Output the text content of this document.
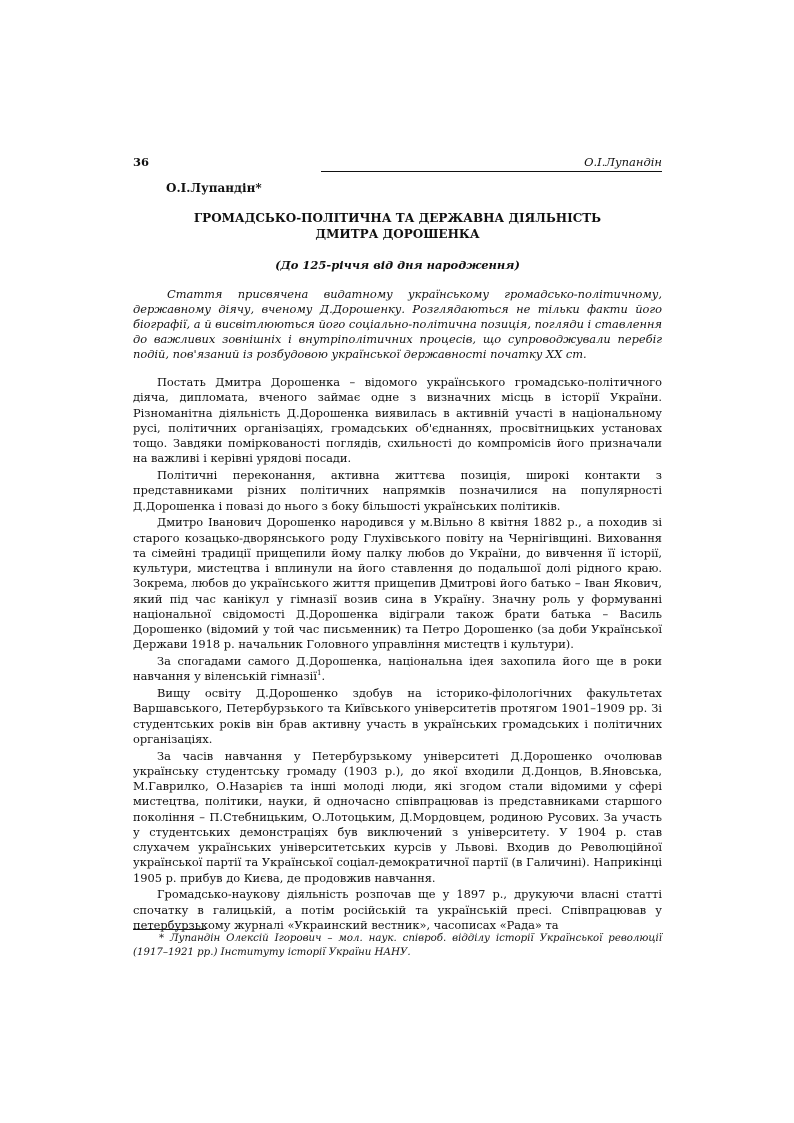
36	О.І.Лупандін
О.І.Лупандін*
ГРОМАДСЬКО-ПОЛІТИЧНА ТА ДЕРЖАВНА ДІЯЛЬНІСТЬ
ДМИТРА ДОРОШЕНКА
(До 125-річчя від дня народження)

Стаття присвячена видатному українському громадсько-політичному, державному діячу, вченому Д.Дорошенку. Розглядаються не тільки факти його біографії, а й висвітлюються його соціально-політична позиція, погляди і ставлення до важливих зовнішніх і внутріполітичних процесів, що супроводжували перебіг подій, пов'язаний із розбудовою української державності початку ХХ ст.

Постать Дмитра Дорошенка – відомого українського громадсько-політичного діяча, дипломата, вченого займає одне з визначних місць в історії України. Різноманітна діяльність Д.Дорошенка виявилась в активній участі в національному русі, політичних організаціях, громадських об'єднаннях, просвітницьких установах тощо. Завдяки поміркованості поглядів, схильності до компромісів його призначали на важливі і керівні урядові посади.

Політичні переконання, активна життєва позиція, широкі контакти з представниками різних політичних напрямків позначилися на популярності Д.Дорошенка і повазі до нього з боку більшості українських політиків.

Дмитро Іванович Дорошенко народився у м.Вільно 8 квітня 1882 р., а походив зі старого козацько-дворянського роду Глухівського повіту на Чернігівщині. Виховання та сімейні традиції прищепили йому палку любов до України, до вивчення її історії, культури, мистецтва і вплинули на його ставлення до подальшої долі рідного краю. Зокрема, любов до українського життя прищепив Дмитрові його батько – Іван Якович, який під час канікул у гімназії возив сина в Україну. Значну роль у формуванні національної свідомості Д.Дорошенка відіграли також брати батька – Василь Дорошенко (відомий у той час письменник) та Петро Дорошенко (за доби Української Держави 1918 р. начальник Головного управління мистецтв і культури).

За спогадами самого Д.Дорошенка, національна ідея захопила його ще в роки навчання у віленській гімназії$^1$.

Вищу освіту Д.Дорошенко здобув на історико-філологічних факультетах Варшавського, Петербурзького та Київського університетів протягом 1901–1909 рр. Зі студентських років він брав активну участь в українських громадських і політичних організаціях.

За часів навчання у Петербурзькому університеті Д.Дорошенко очолював українську студентську громаду (1903 р.), до якої входили Д.Донцов, В.Яновська, М.Гаврилко, О.Назарієв та інші молоді люди, які згодом стали відомими у сфері мистецтва, політики, науки, й одночасно співпрацював із представниками старшого покоління – П.Стебницьким, О.Лотоцьким, Д.Мордовцем, родиною Русових. За участь у студентських демонстраціях був виключений з університету. У 1904 р. став слухачем українських університетських курсів у Львові. Входив до Революційної української партії та Української соціал-демократичної партії (в Галичині). Наприкінці 1905 р. прибув до Києва, де продовжив навчання.

Громадсько-наукову діяльність розпочав ще у 1897 р., друкуючи власні статті спочатку в галицькій, а потім російській та українській пресі. Співпрацював у петербурзькому журналі «Украинский вестник», часописах «Рада» та

* Лупандін Олексій Ігорович – мол. наук. співроб. відділу історії Української революції (1917–1921 рр.) Інституту історії України НАНУ.
